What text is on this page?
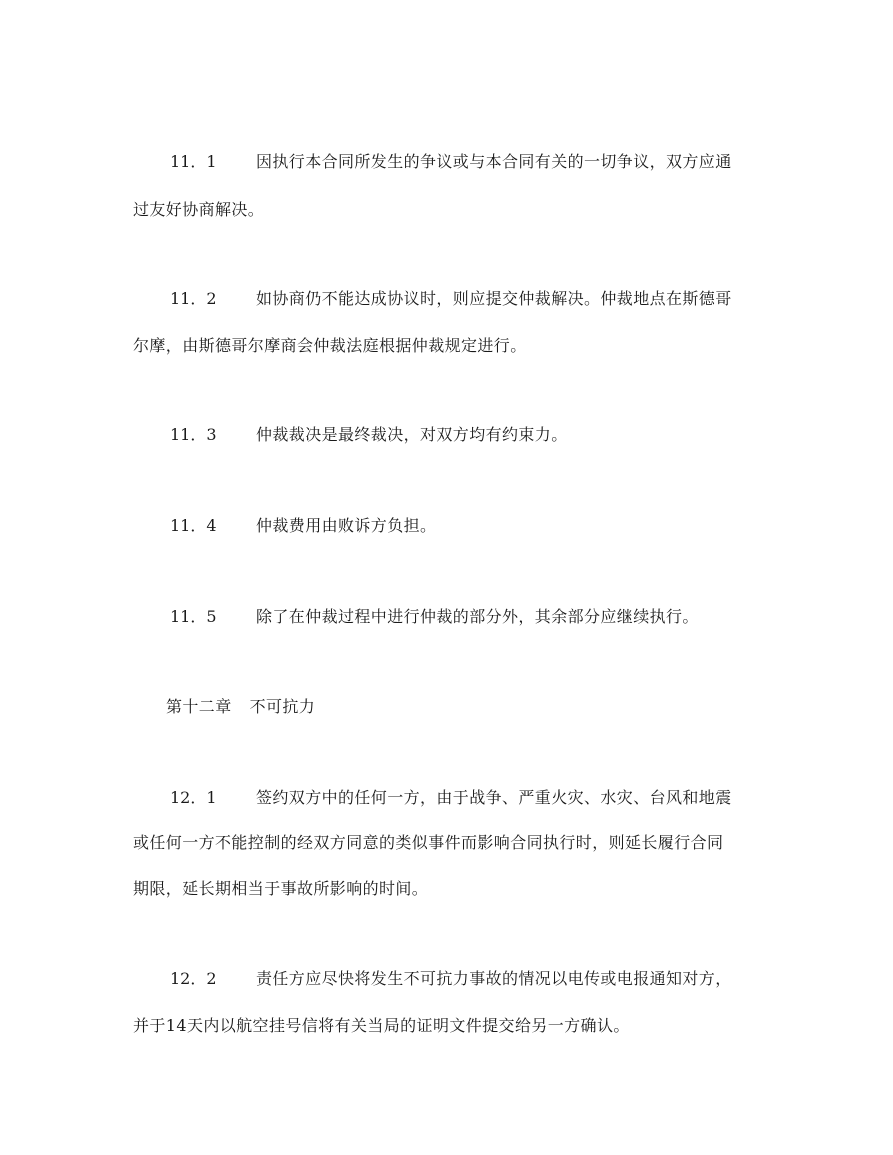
11．1 因执行本合同所发生的争议或与本合同有关的一切争议，双方应通
过友好协商解决。
11．2 如协商仍不能达成协议时，则应提交仲裁解决。仲裁地点在斯德哥
尔摩，由斯德哥尔摩商会仲裁法庭根据仲裁规定进行。
11．3 仲裁裁决是最终裁决，对双方均有约束力。
11．4 仲裁费用由败诉方负担。
11．5 除了在仲裁过程中进行仲裁的部分外，其余部分应继续执行。
第十二章 不可抗力
12．1 签约双方中的任何一方，由于战争、严重火灾、水灾、台风和地震
或任何一方不能控制的经双方同意的类似事件而影响合同执行时，则延长履行合同
期限，延长期相当于事故所影响的时间。
12．2 责任方应尽快将发生不可抗力事故的情况以电传或电报通知对方，
并于14天内以航空挂号信将有关当局的证明文件提交给另一方确认。
